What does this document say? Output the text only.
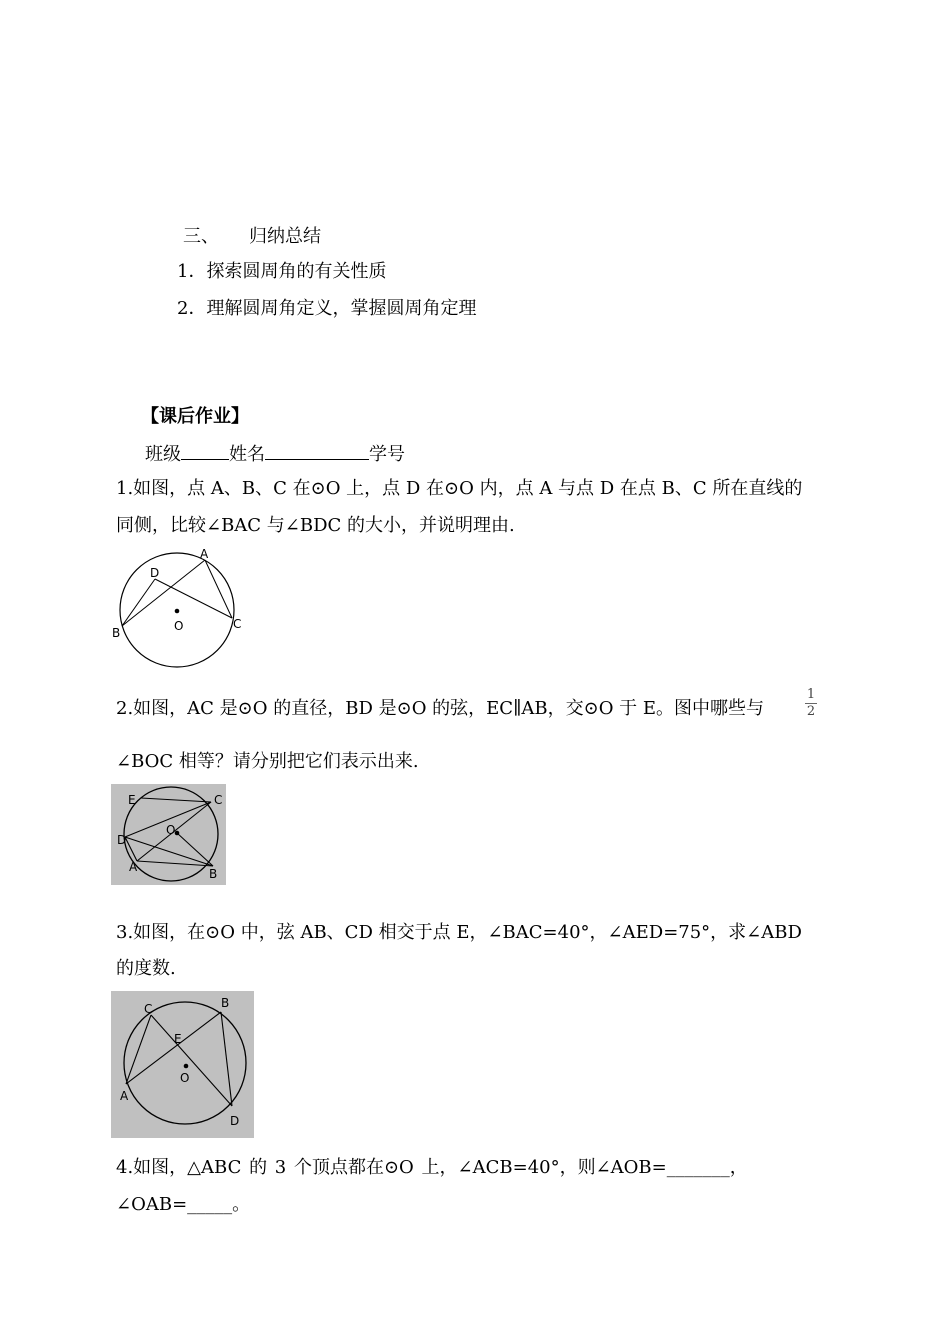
三、 归纳总结
1．探索圆周角的有关性质
2．理解圆周角定义，掌握圆周角定理
【课后作业】
班级	姓名	学号
1.如图，点 A、B、C 在⊙O 上，点 D 在⊙O 内，点 A 与点 D 在点 B、C 所在直线的
同侧，比较∠BAC 与∠BDC 的大小，并说明理由.
A
B
C
D
O
2.如图，AC 是⊙O 的直径，BD 是⊙O 的弦，EC∥AB，交⊙O 于 E。图中哪些与
1
2
∠BOC 相等？请分别把它们表示出来.
E	C
D
A	B
O
3.如图，在⊙O 中，弦 AB、CD 相交于点 E，∠BAC=40°，∠AED=75°，求∠ABD
的度数.
C	B
E
O
A
D
4.如图，△ABC 的 3 个顶点都在⊙O 上，∠ACB=40°，则∠AOB=_______，
∠OAB=_____。
